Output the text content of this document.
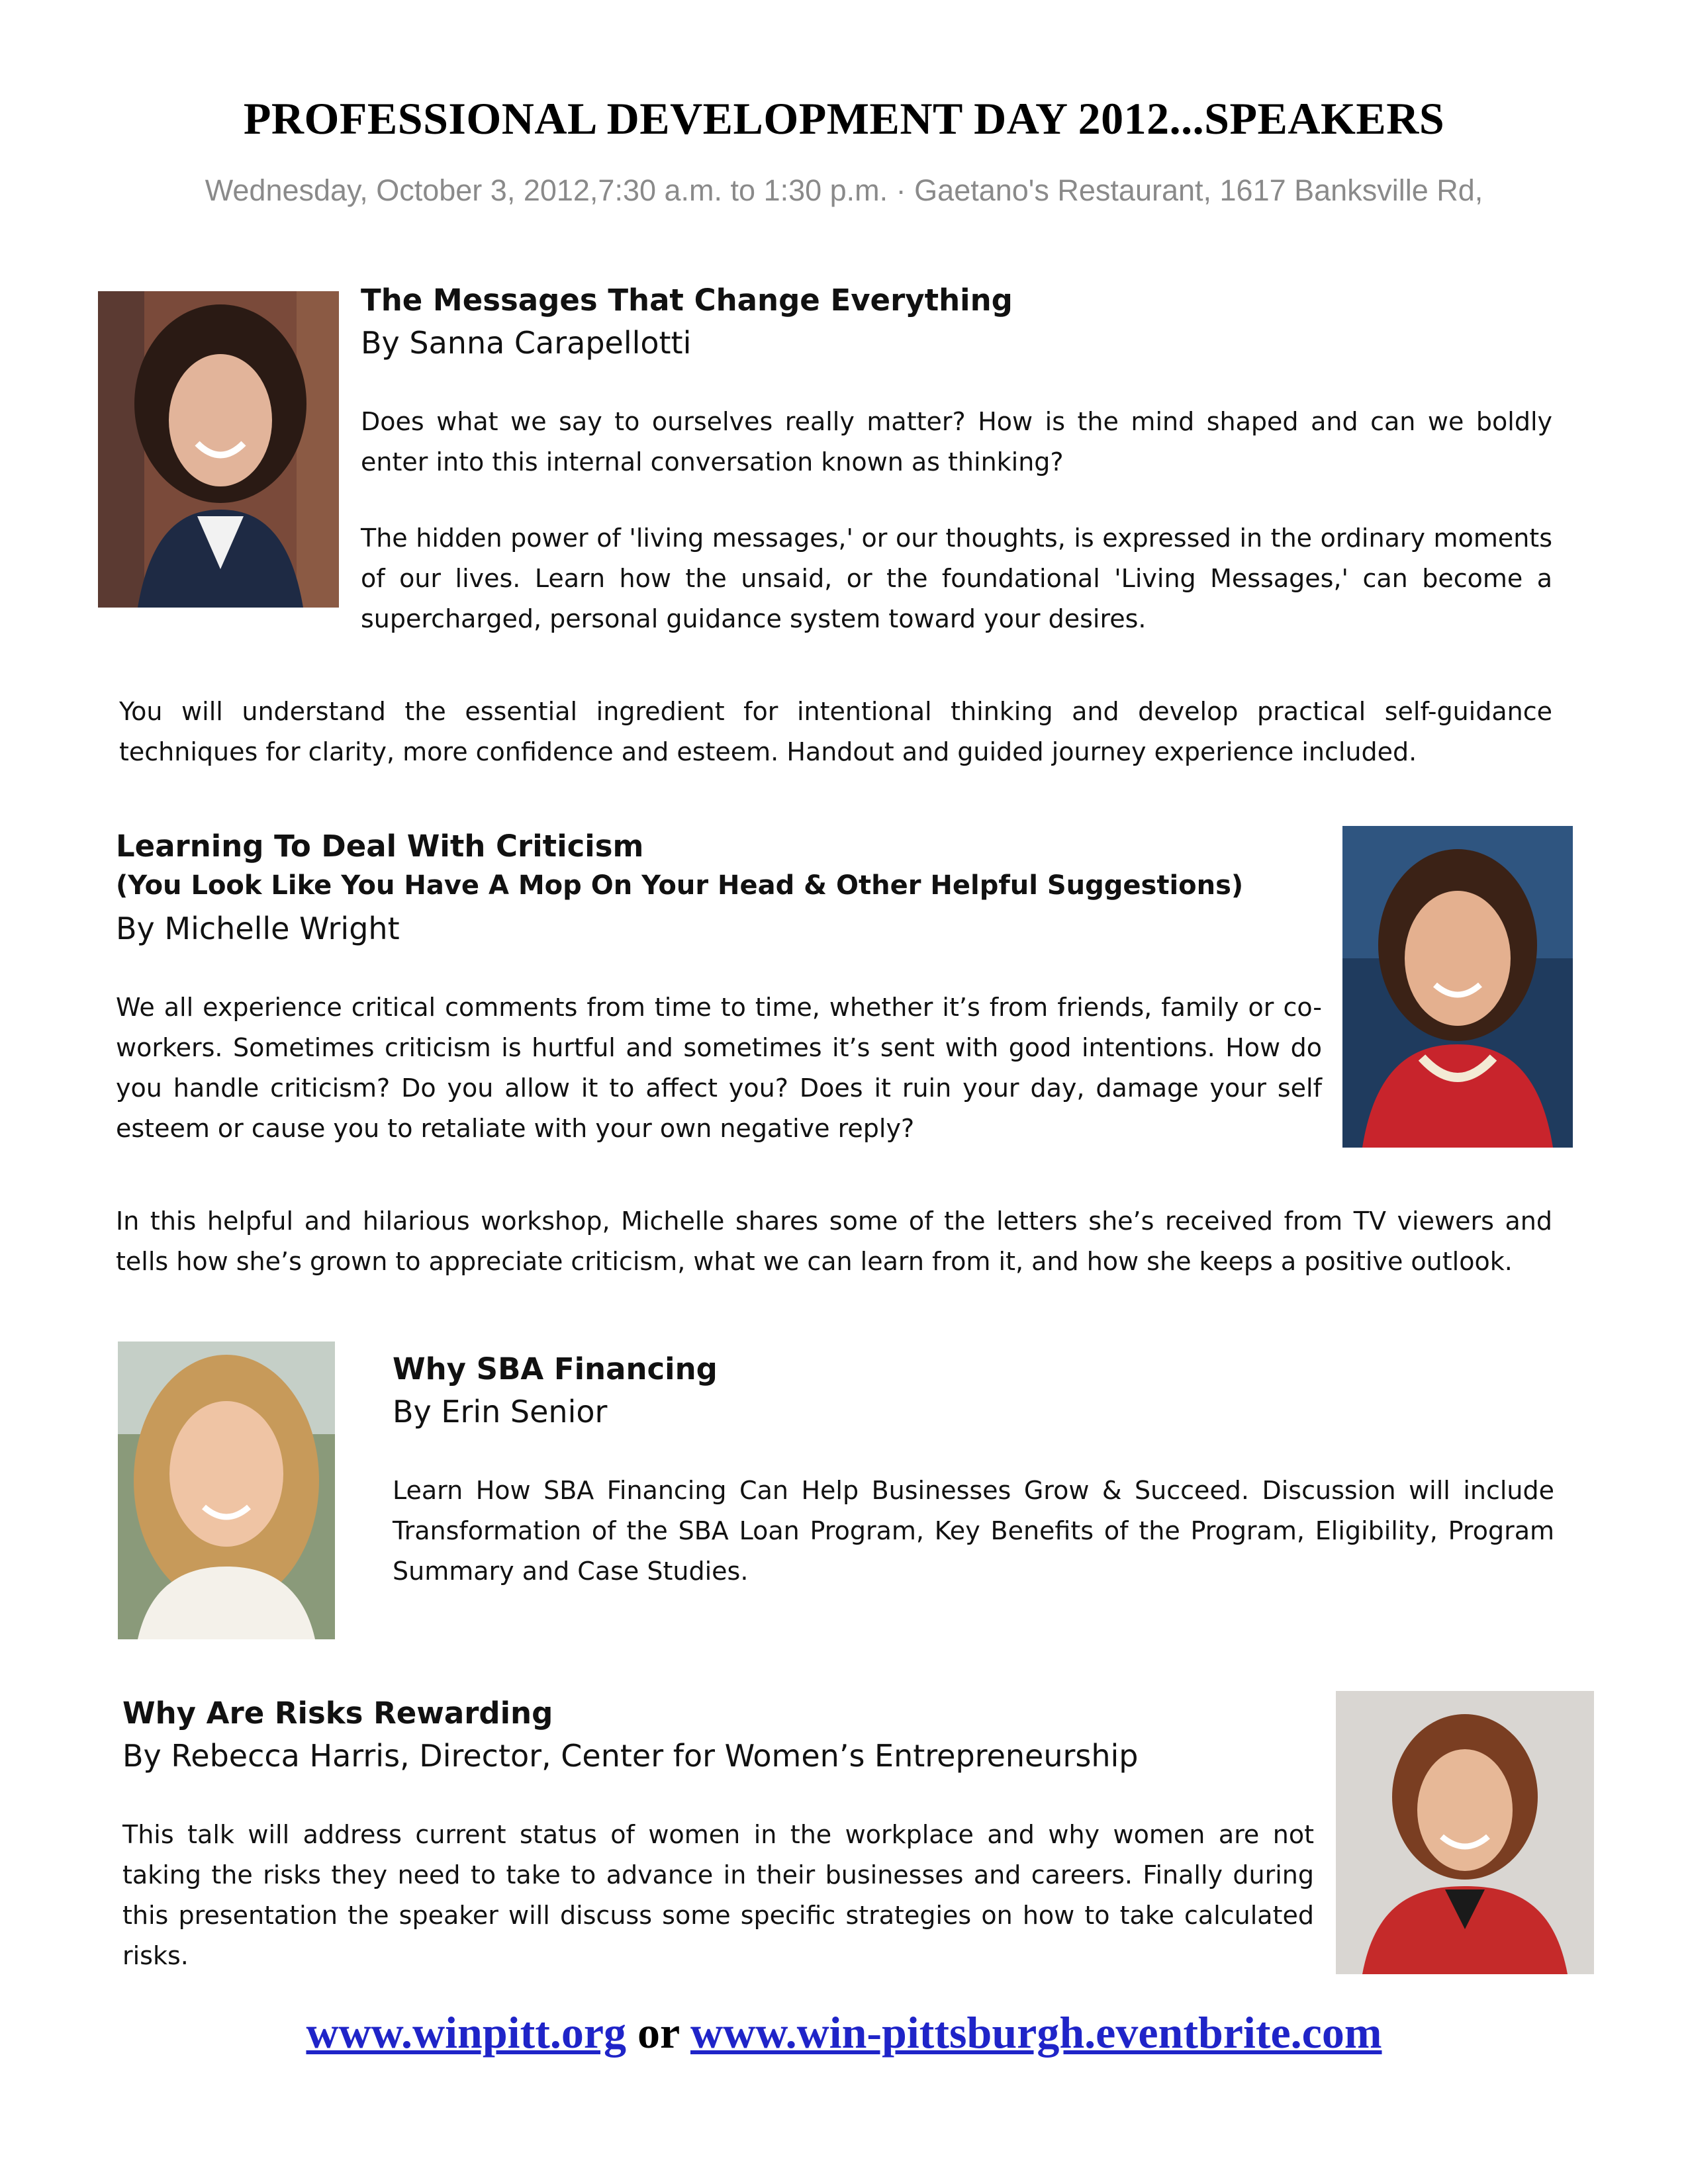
PROFESSIONAL DEVELOPMENT DAY 2012...SPEAKERS
Wednesday, October 3, 2012,7:30 a.m. to 1:30 p.m. · Gaetano's Restaurant, 1617 Banksville Rd,
The Messages That Change Everything
By Sanna Carapellotti
Does what we say to ourselves really matter? How is the mind shaped and can we boldly enter into this internal conversation known as thinking?
The hidden power of 'living messages,' or our thoughts, is expressed in the ordinary moments of our lives. Learn how the unsaid, or the foundational 'Living Messages,' can become a supercharged, personal guidance system toward your desires.
You will understand the essential ingredient for intentional thinking and develop practical self-guidance techniques for clarity, more confidence and esteem. Handout and guided journey experience included.
Learning To Deal With Criticism
(You Look Like You Have A Mop On Your Head & Other Helpful Suggestions)
By Michelle Wright
We all experience critical comments from time to time, whether it’s from friends, family or co-workers. Sometimes criticism is hurtful and sometimes it’s sent with good intentions. How do you handle criticism? Do you allow it to affect you? Does it ruin your day, damage your self esteem or cause you to retaliate with your own negative reply?
In this helpful and hilarious workshop, Michelle shares some of the letters she’s received from TV viewers and tells how she’s grown to appreciate criticism, what we can learn from it, and how she keeps a positive outlook.
Why SBA Financing
By Erin Senior
Learn How SBA Financing Can Help Businesses Grow & Succeed. Discussion will include Transformation of the SBA Loan Program, Key Benefits of the Program, Eligibility, Program Summary and Case Studies.
Why Are Risks Rewarding
By Rebecca Harris, Director, Center for Women’s Entrepreneurship
This talk will address current status of women in the workplace and why women are not taking the risks they need to take to advance in their businesses and careers. Finally during this presentation the speaker will discuss some specific strategies on how to take calculated risks.
www.winpitt.org or www.win-pittsburgh.eventbrite.com
